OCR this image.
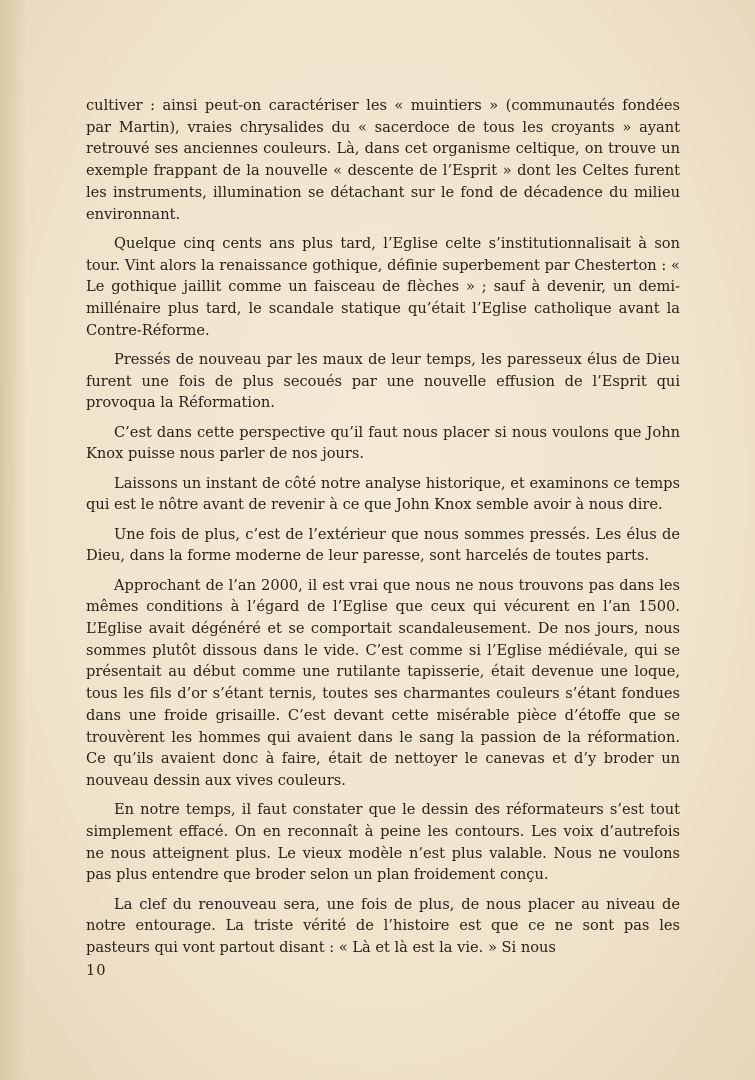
cultiver : ainsi peut-on caractériser les « muintiers » (communautés fondées par Martin), vraies chrysalides du « sacerdoce de tous les croyants » ayant retrouvé ses anciennes couleurs. Là, dans cet organisme celtique, on trouve un exemple frappant de la nouvelle « descente de l’Esprit » dont les Celtes furent les instruments, illumination se détachant sur le fond de décadence du milieu environnant.

Quelque cinq cents ans plus tard, l’Eglise celte s’institutionnalisait à son tour. Vint alors la renaissance gothique, définie superbement par Chesterton : « Le gothique jaillit comme un faisceau de flèches » ; sauf à devenir, un demi-millénaire plus tard, le scandale statique qu’était l’Eglise catholique avant la Contre-Réforme.

Pressés de nouveau par les maux de leur temps, les paresseux élus de Dieu furent une fois de plus secoués par une nouvelle effusion de l’Esprit qui provoqua la Réformation.

C’est dans cette perspective qu’il faut nous placer si nous voulons que John Knox puisse nous parler de nos jours.

Laissons un instant de côté notre analyse historique, et examinons ce temps qui est le nôtre avant de revenir à ce que John Knox semble avoir à nous dire.

Une fois de plus, c’est de l’extérieur que nous sommes pressés. Les élus de Dieu, dans la forme moderne de leur paresse, sont harcelés de toutes parts.

Approchant de l’an 2000, il est vrai que nous ne nous trouvons pas dans les mêmes conditions à l’égard de l’Eglise que ceux qui vécurent en l’an 1500. L’Eglise avait dégénéré et se comportait scandaleusement. De nos jours, nous sommes plutôt dissous dans le vide. C’est comme si l’Eglise médiévale, qui se présentait au début comme une rutilante tapisserie, était devenue une loque, tous les fils d’or s’étant ternis, toutes ses charmantes couleurs s’étant fondues dans une froide grisaille. C’est devant cette misérable pièce d’étoffe que se trouvèrent les hommes qui avaient dans le sang la passion de la réformation. Ce qu’ils avaient donc à faire, était de nettoyer le canevas et d’y broder un nouveau dessin aux vives couleurs.

En notre temps, il faut constater que le dessin des réformateurs s’est tout simplement effacé. On en reconnaît à peine les contours. Les voix d’autrefois ne nous atteignent plus. Le vieux modèle n’est plus valable. Nous ne voulons pas plus entendre que broder selon un plan froidement conçu.

La clef du renouveau sera, une fois de plus, de nous placer au niveau de notre entourage. La triste vérité de l’histoire est que ce ne sont pas les pasteurs qui vont partout disant : « Là et là est la vie. » Si nous

10
